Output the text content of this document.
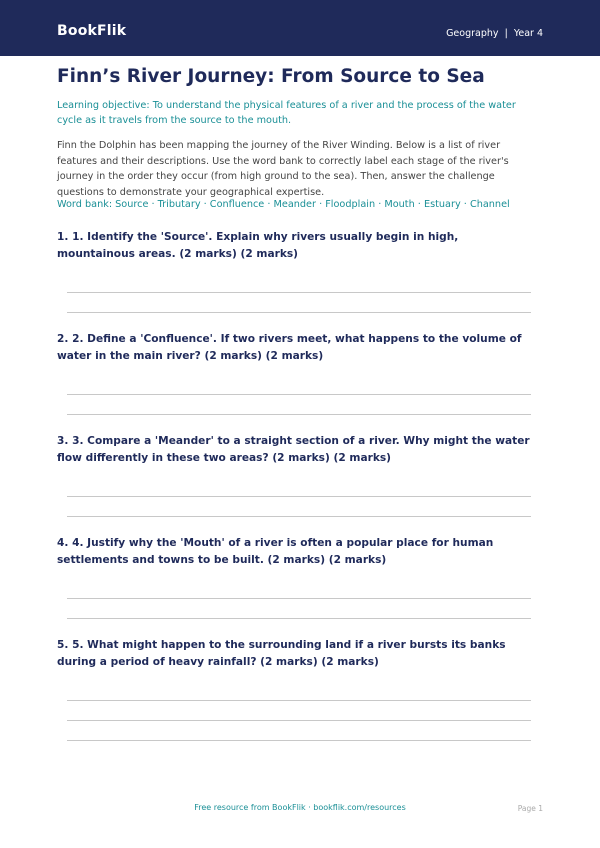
BookFlik	Geography | Year 4
Finn’s River Journey: From Source to Sea

Learning objective: To understand the physical features of a river and the process of the water cycle as it travels from the source to the mouth.

Finn the Dolphin has been mapping the journey of the River Winding. Below is a list of river features and their descriptions. Use the word bank to correctly label each stage of the river's journey in the order they occur (from high ground to the sea). Then, answer the challenge questions to demonstrate your geographical expertise.

Word bank: Source · Tributary · Confluence · Meander · Floodplain · Mouth · Estuary · Channel

1. 1. Identify the 'Source'. Explain why rivers usually begin in high, mountainous areas. (2 marks) (2 marks)

2. 2. Define a 'Confluence'. If two rivers meet, what happens to the volume of water in the main river? (2 marks) (2 marks)

3. 3. Compare a 'Meander' to a straight section of a river. Why might the water flow differently in these two areas? (2 marks) (2 marks)

4. 4. Justify why the 'Mouth' of a river is often a popular place for human settlements and towns to be built. (2 marks) (2 marks)

5. 5. What might happen to the surrounding land if a river bursts its banks during a period of heavy rainfall? (2 marks) (2 marks)

Free resource from BookFlik · bookflik.com/resources	Page 1
